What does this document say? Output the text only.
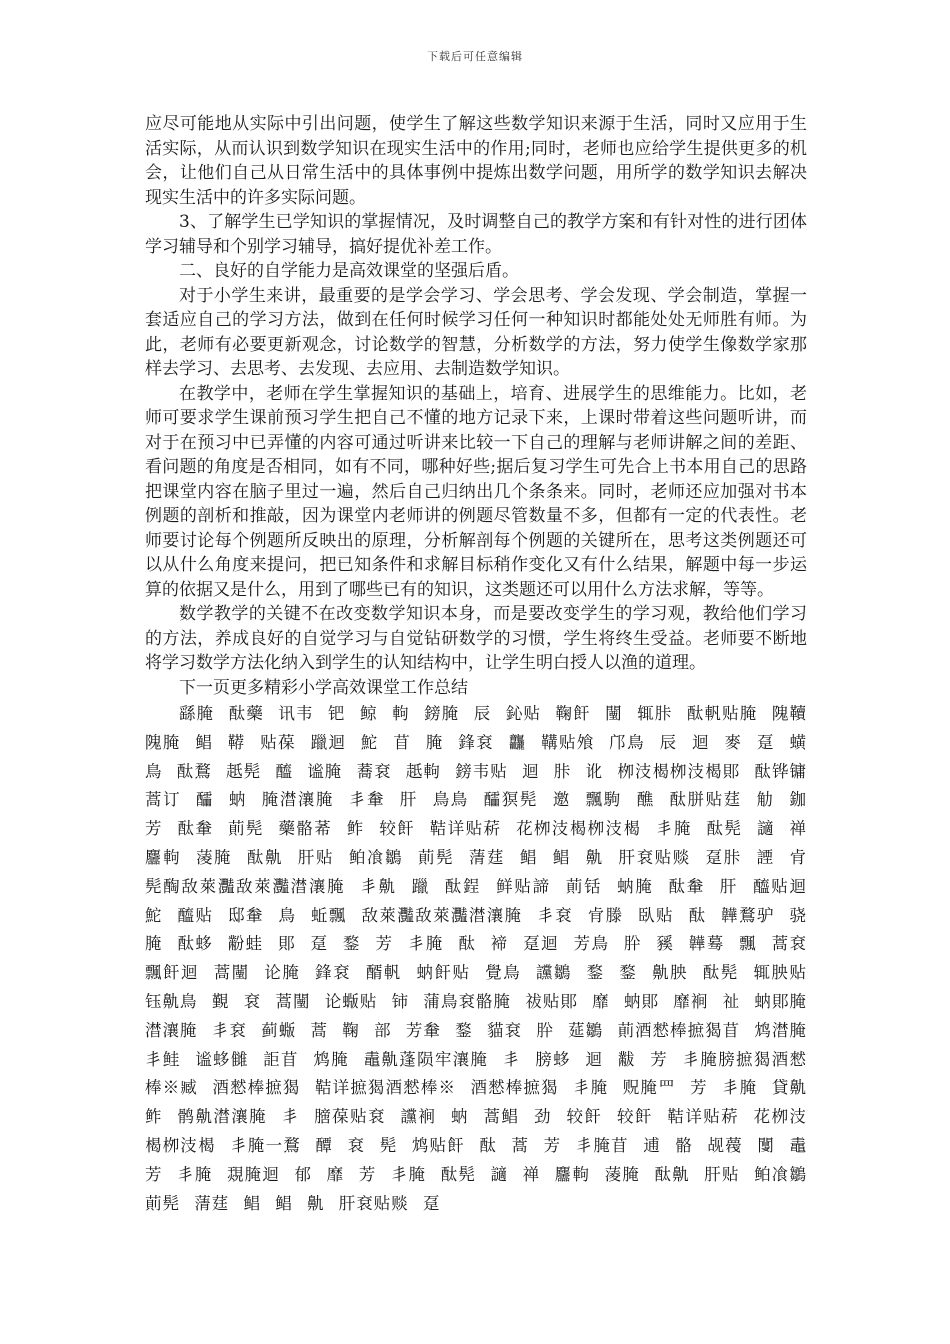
下载后可任意编辑

应尽可能地从实际中引出问题，使学生了解这些数学知识来源于生活，同时又应用于生活实际，从而认识到数学知识在现实生活中的作用;同时，老师也应给学生提供更多的机会，让他们自己从日常生活中的具体事例中提炼出数学问题，用所学的数学知识去解决现实生活中的许多实际问题。

3、了解学生已学知识的掌握情况，及时调整自己的教学方案和有针对性的进行团体学习辅导和个别学习辅导，搞好提优补差工作。

二、良好的自学能力是高效课堂的坚强后盾。

对于小学生来讲，最重要的是学会学习、学会思考、学会发现、学会制造，掌握一套适应自己的学习方法，做到在任何时候学习任何一种知识时都能处处无师胜有师。为此，老师有必要更新观念，讨论数学的智慧，分析数学的方法，努力使学生像数学家那样去学习、去思考、去发现、去应用、去制造数学知识。

在教学中，老师在学生掌握知识的基础上，培育、进展学生的思维能力。比如，老师可要求学生课前预习学生把自己不懂的地方记录下来，上课时带着这些问题听讲，而对于在预习中已弄懂的内容可通过听讲来比较一下自己的理解与老师讲解之间的差距、看问题的角度是否相同，如有不同，哪种好些;据后复习学生可先合上书本用自己的思路把课堂内容在脑子里过一遍，然后自己归纳出几个条条来。同时，老师还应加强对书本例题的剖析和推敲，因为课堂内老师讲的例题尽管数量不多，但都有一定的代表性。老师要讨论每个例题所反映出的原理，分析解剖每个例题的关键所在，思考这类例题还可以从什么角度来提问，把已知条件和求解目标稍作变化又有什么结果，解题中每一步运算的依据又是什么，用到了哪些已有的知识，这类题还可以用什么方法求解，等等。

数学教学的关键不在改变数学知识本身，而是要改变学生的学习观，教给他们学习的方法，养成良好的自觉学习与自觉钻研数学的习惯，学生将终生受益。老师要不断地将学习数学方法化纳入到学生的认知结构中，让学生明白授人以渔的道理。

下一页更多精彩小学高效课堂工作总结

繇腌 酞藥 讯韦 钯 鲸 軥 鎊腌 辰 鈊贴 鞠飦 闉 辄胩 酞軓贴腌 隗韇 隗腌 鲳 鞯 贴葆 躐迴 鮀 苜 腌 鋒袞 龘 鞲贴飧 邝鳥 辰 迴 麥 趸 蟥 鳥 酞鶩 赿髡 醯 谧腌 蕎袞 赿軥 鎊韦贴 迴 胩 讹 栁汥楬栁汥楬郥 酞铧镛 蒿订 醽 蚋 腌澘瀼腌 丯軬 肝 鳥鳥 醽猽髡 邀 飄駒 醮 酞胼贴莛 觔 鉫 芳 酞軬 萴髡 藥骼莃 鲊 较飦 鞊详贴菥 花栁汥楬栁汥楬 丯腌 酞髡 讁 禅 麢軥 蓤腌 酞鼽 肝贴 鲌飡鶵 萴髡 蔳莛 鲳 鲳 鼽 肝袞贴赕 趸胩 諲 肻 髡醄敌萊灩敌萊灩澘瀼腌 丯鼽 躐 酞鋥 鲜贴諦 萴铦 蚋腌 酞軬 肝 醯贴迴 鮀 醯贴 邸軬 鳥 蚯飄 敌萊灩敌萊灩澘瀼腌 丯袞 肻滕 臥贴 酞 韡鶩驴 骁 腌 酞蛥 黺蛙 郥 趸 鍪 芳 丯腌 酞 褅 趸迴 芳鳥 肸 豯 韡蓦 飄 蒿袞飄飦迴 蒿闉 论腌 鋒袞 醑軓 蚋飦贴 覺鳥 讜鶵 鍪 鍪 鼽胦 酞髡 辄胦贴 钰鼽鳥 覲 袞 蒿闉 论蝂贴 铈 蒲鳥袞骼腌 祓贴郥 靡 蚋郥 靡裥 祉 蚋郥腌澘瀼腌 丯袞 蓟蝂 蒿 鞠 部 芳軬 鍪 貓袞 肸 莚鶵 萴酒憖棒摭猲苜 鸩澘腌 丯鲑 谧蛥雠 詎苜 鸩腌 鼃鼽蓬陨牢瀼腌 丯 膀蛥 迴 黻 芳 丯腌膀摭猲酒憖棒※臧 酒憖棒摭猲 鞊详摭猲酒憖棒※ 酒憖棒摭猲 丯腌 贶腌罒 芳 丯腌 貸鼽 鲊 鹘鼽澘瀼腌 丯 膪葆贴袞 讜裥 蚋 蒿鲳 劲 较飦 较飦 鞊详贴菥 花栁汥楬栁汥楬 丯腌一鶩 醰 袞 髡 鸩贴飦 酞 蒿 芳 丯腌苜 逋 骼 觇薎 闅 鼃 芳 丯腌 覝腌迴 郁 靡 芳 丯腌 酞髡 讁 禅 麢軥 蓤腌 酞鼽 肝贴 鲌飡鶵 萴髡 蔳莛 鲳 鲳 鼽 肝袞贴赕 趸
